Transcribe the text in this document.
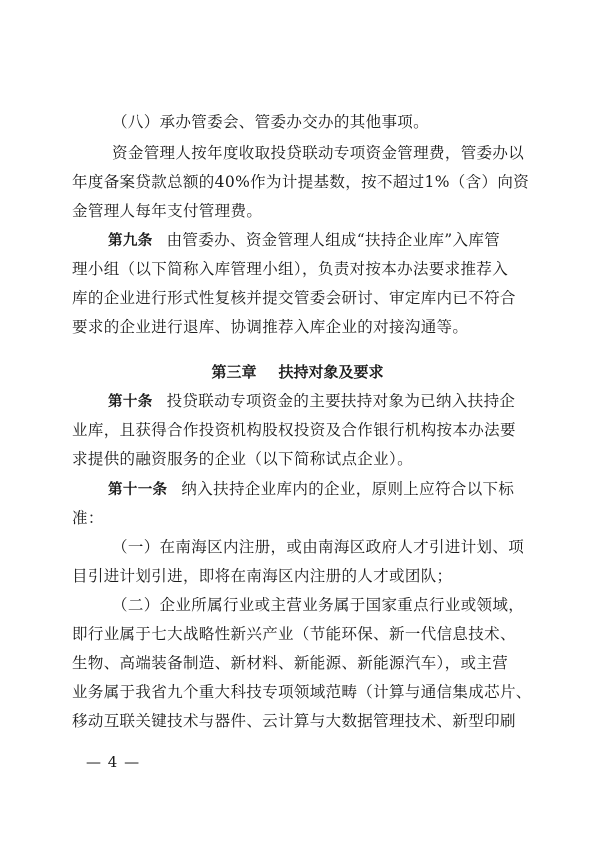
（八）承办管委会、管委办交办的其他事项。
资金管理人按年度收取投贷联动专项资金管理费，管委办以
年度备案贷款总额的40%作为计提基数，按不超过1%（含）向资
金管理人每年支付管理费。
第九条 由管委办、资金管理人组成“扶持企业库”入库管
理小组（以下简称入库管理小组），负责对按本办法要求推荐入
库的企业进行形式性复核并提交管委会研讨、审定库内已不符合
要求的企业进行退库、协调推荐入库企业的对接沟通等。
第三章 扶持对象及要求
第十条 投贷联动专项资金的主要扶持对象为已纳入扶持企
业库，且获得合作投资机构股权投资及合作银行机构按本办法要
求提供的融资服务的企业（以下简称试点企业）。
第十一条 纳入扶持企业库内的企业，原则上应符合以下标
准：
（一）在南海区内注册，或由南海区政府人才引进计划、项
目引进计划引进，即将在南海区内注册的人才或团队；
（二）企业所属行业或主营业务属于国家重点行业或领域，
即行业属于七大战略性新兴产业（节能环保、新一代信息技术、
生物、高端装备制造、新材料、新能源、新能源汽车），或主营
业务属于我省九个重大科技专项领域范畴（计算与通信集成芯片、
移动互联关键技术与器件、云计算与大数据管理技术、新型印刷
— 4 —
